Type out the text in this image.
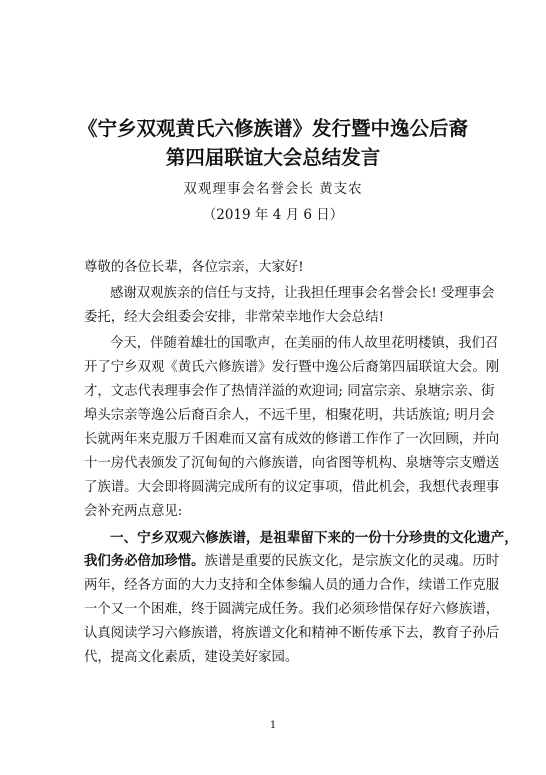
《宁乡双观黄氏六修族谱》发行暨中逸公后裔
第四届联谊大会总结发言
双观理事会名誉会长 黄支农
（2019 年 4 月 6 日）
尊敬的各位长辈，各位宗亲，大家好!
感谢双观族亲的信任与支持，让我担任理事会名誉会长! 受理事会
委托，经大会组委会安排，非常荣幸地作大会总结!
今天，伴随着雄壮的国歌声，在美丽的伟人故里花明楼镇，我们召
开了宁乡双观《黄氏六修族谱》发行暨中逸公后裔第四届联谊大会。刚
才，文志代表理事会作了热情洋溢的欢迎词; 同富宗亲、泉塘宗亲、街
埠头宗亲等逸公后裔百余人，不远千里，相聚花明，共话族谊; 明月会
长就两年来克服万千困难而又富有成效的修谱工作作了一次回顾，并向
十一房代表颁发了沉甸甸的六修族谱，向省图等机构、泉塘等宗支赠送
了族谱。大会即将圆满完成所有的议定事项，借此机会，我想代表理事
会补充两点意见:
一、宁乡双观六修族谱，是祖辈留下来的一份十分珍贵的文化遗产，
我们务必倍加珍惜。族谱是重要的民族文化，是宗族文化的灵魂。历时
两年，经各方面的大力支持和全体参编人员的通力合作，续谱工作克服
一个又一个困难，终于圆满完成任务。我们必须珍惜保存好六修族谱，
认真阅读学习六修族谱，将族谱文化和精神不断传承下去，教育子孙后
代，提高文化素质，建设美好家园。
1
